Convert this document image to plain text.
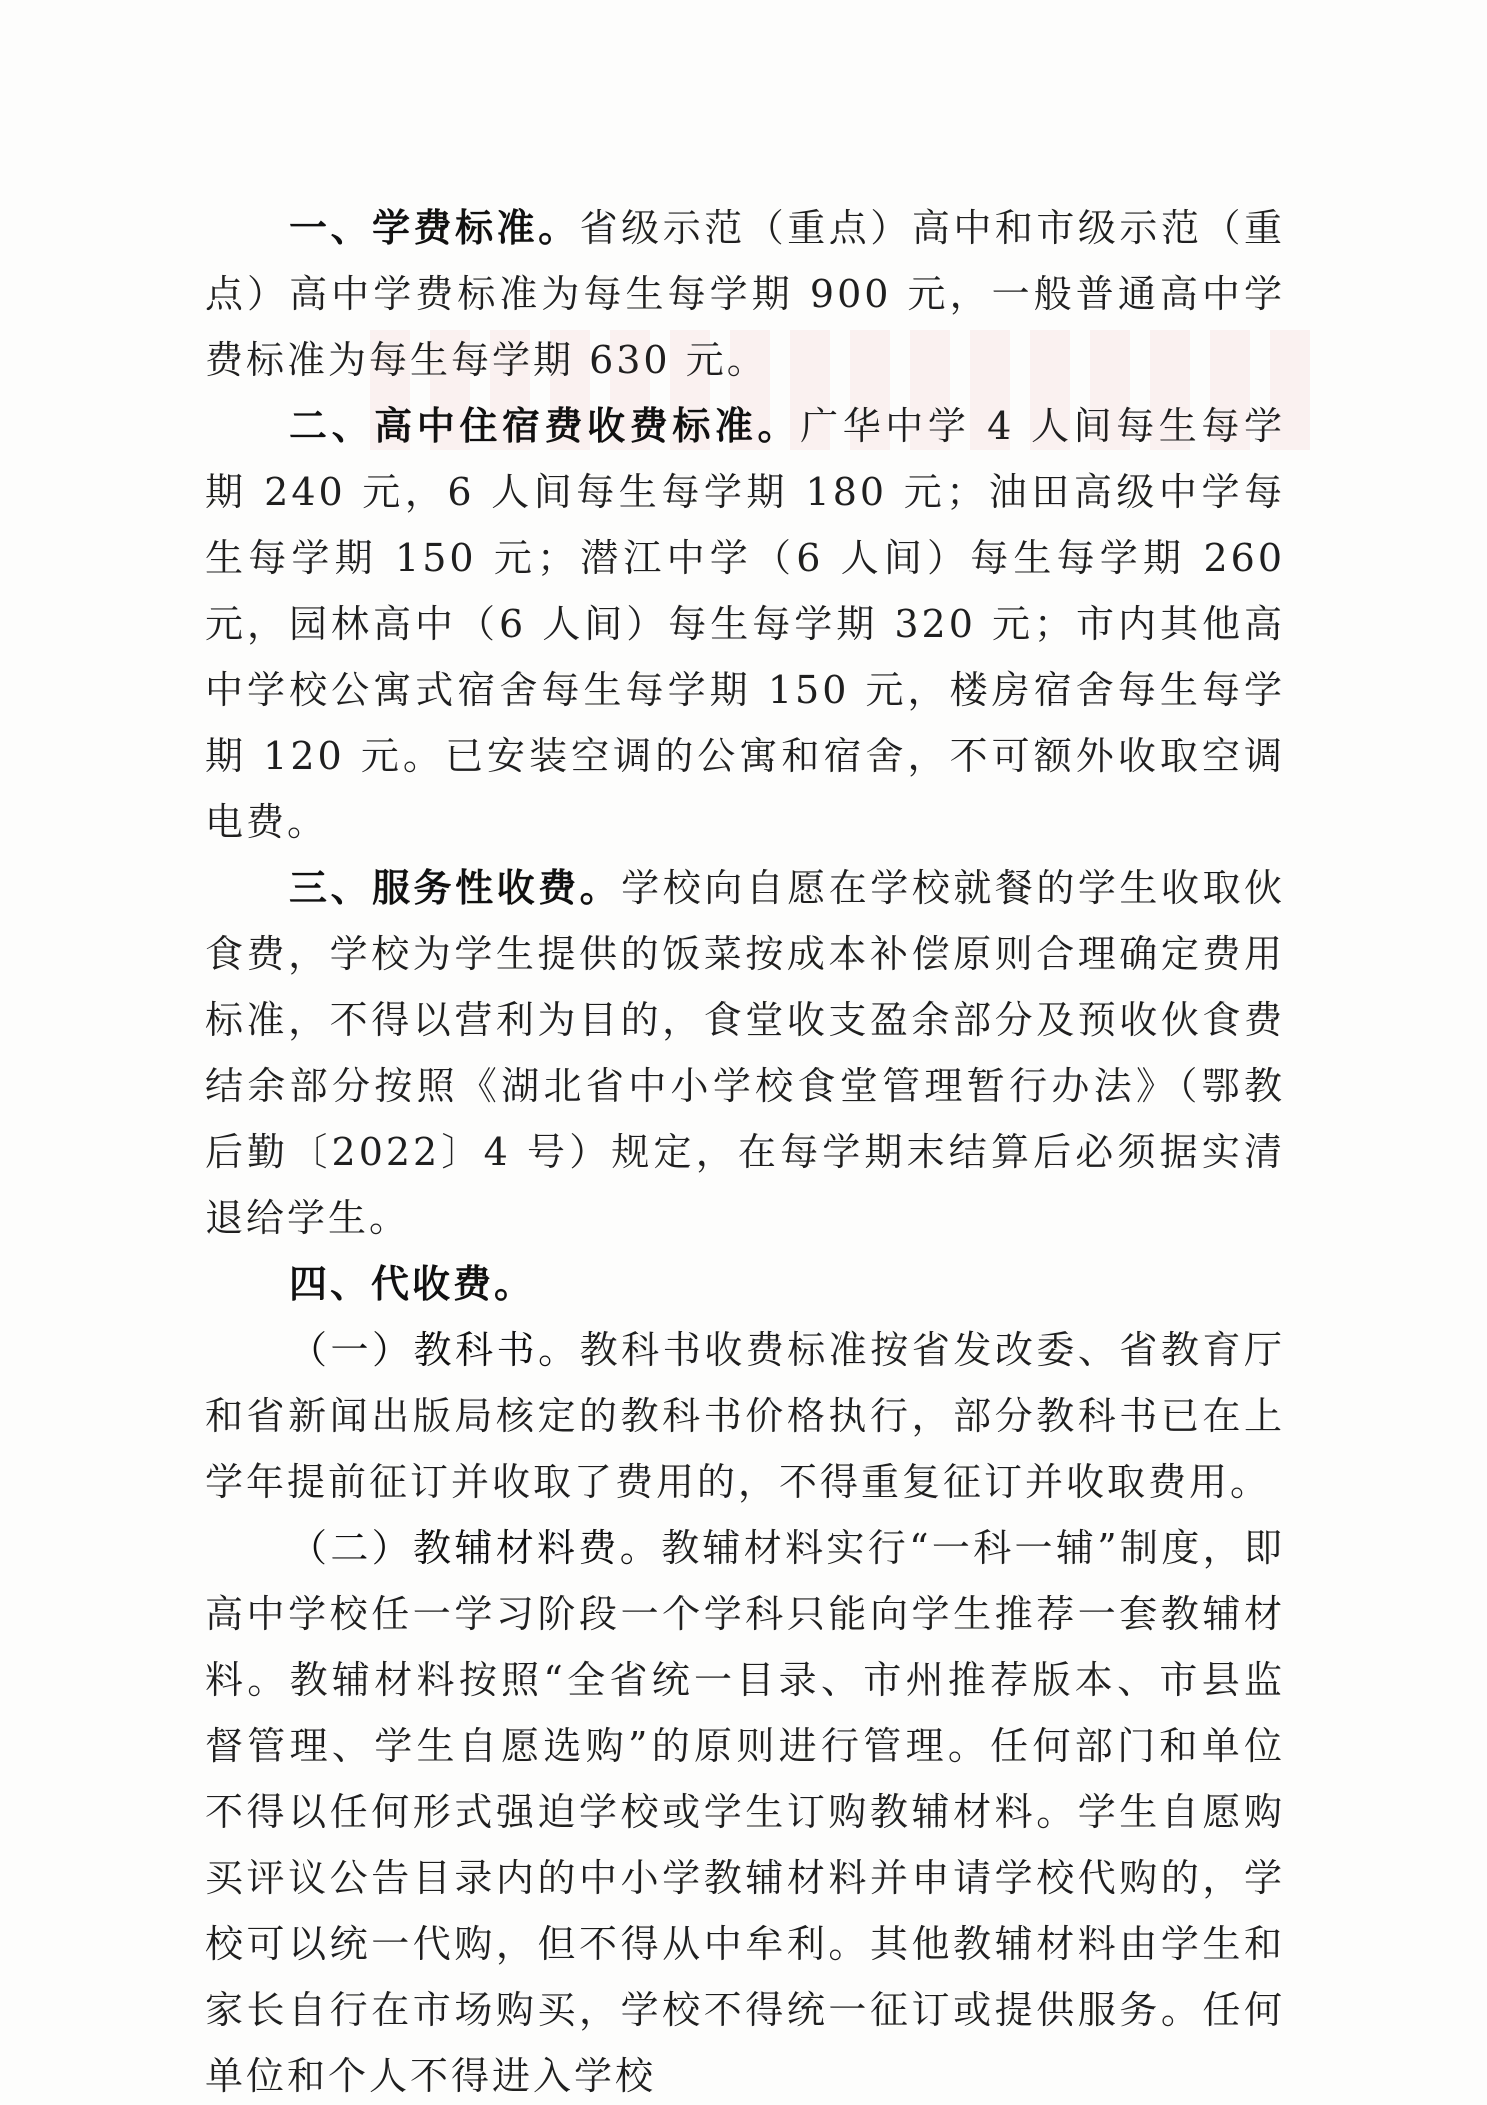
一、学费标准。省级示范（重点）高中和市级示范（重点）高中学费标准为每生每学期 900 元，一般普通高中学费标准为每生每学期 630 元。

二、高中住宿费收费标准。广华中学 4 人间每生每学期 240 元，6 人间每生每学期 180 元；油田高级中学每生每学期 150 元；潜江中学（6 人间）每生每学期 260 元，园林高中（6 人间）每生每学期 320 元；市内其他高中学校公寓式宿舍每生每学期 150 元，楼房宿舍每生每学期 120 元。已安装空调的公寓和宿舍，不可额外收取空调电费。

三、服务性收费。学校向自愿在学校就餐的学生收取伙食费，学校为学生提供的饭菜按成本补偿原则合理确定费用标准，不得以营利为目的，食堂收支盈余部分及预收伙食费结余部分按照《湖北省中小学校食堂管理暂行办法》（鄂教后勤〔2022〕4 号）规定，在每学期末结算后必须据实清退给学生。

四、代收费。

（一）教科书。教科书收费标准按省发改委、省教育厅和省新闻出版局核定的教科书价格执行，部分教科书已在上学年提前征订并收取了费用的，不得重复征订并收取费用。

（二）教辅材料费。教辅材料实行“一科一辅”制度，即高中学校任一学习阶段一个学科只能向学生推荐一套教辅材料。教辅材料按照“全省统一目录、市州推荐版本、市县监督管理、学生自愿选购”的原则进行管理。任何部门和单位不得以任何形式强迫学校或学生订购教辅材料。学生自愿购买评议公告目录内的中小学教辅材料并申请学校代购的，学校可以统一代购，但不得从中牟利。其他教辅材料由学生和家长自行在市场购买，学校不得统一征订或提供服务。任何单位和个人不得进入学校
